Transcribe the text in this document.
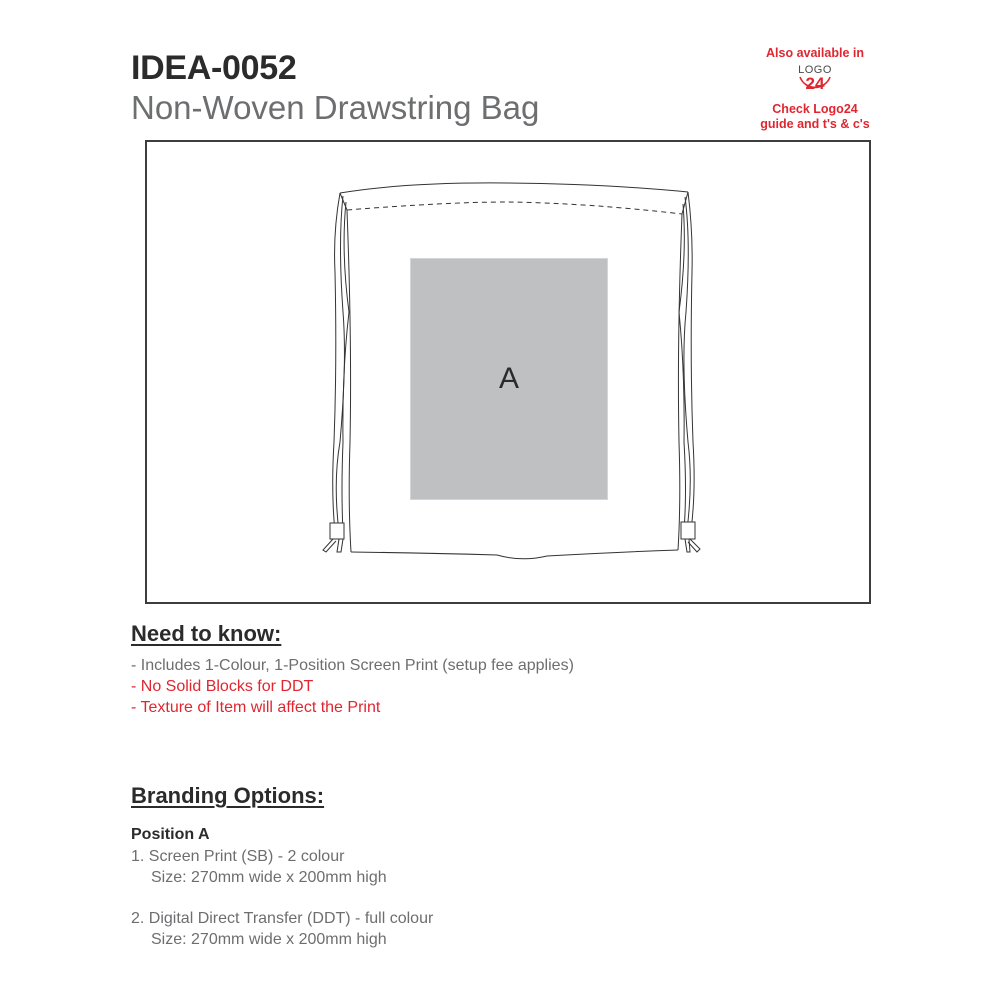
IDEA-0052
Non-Woven Drawstring Bag
Also available in
LOGO
24
Check Logo24
guide and t's & c's
A
Need to know:
- Includes 1-Colour, 1-Position Screen Print (setup fee applies)
- No Solid Blocks for DDT
- Texture of Item will affect the Print
Branding Options:
Position A
1. Screen Print (SB) - 2 colour
Size: 270mm wide x 200mm high
2. Digital Direct Transfer (DDT) - full colour
Size: 270mm wide x 200mm high
